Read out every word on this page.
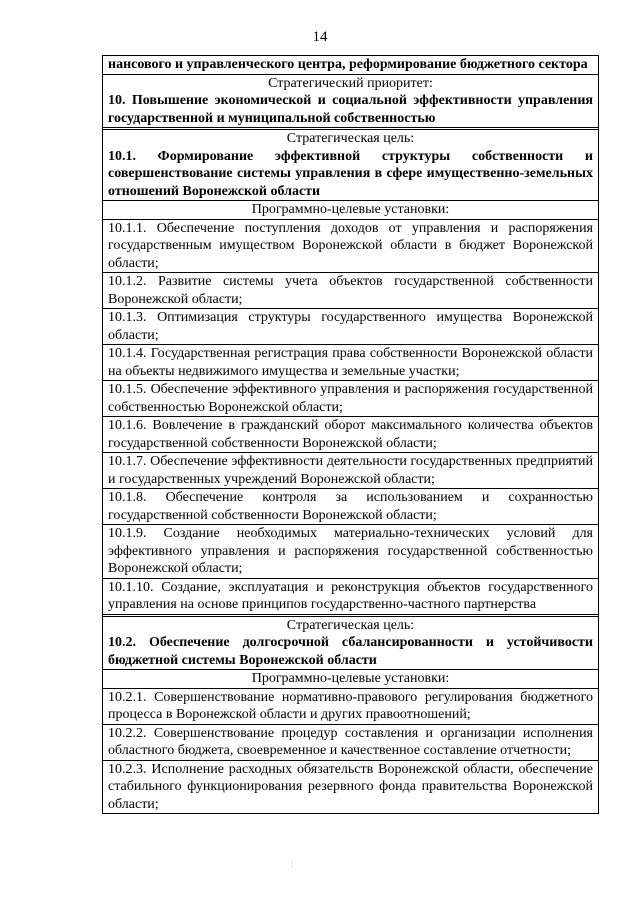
14
нансового и управленческого центра, реформирование бюджетного сектора
Стратегический приоритет:
10. Повышение экономической и социальной эффективности управления государственной и муниципальной собственностью
Стратегическая цель:
10.1. Формирование эффективной структуры собственности и совершенствование системы управления в сфере имущественно-земельных отношений Воронежской области
Программно-целевые установки:
10.1.1. Обеспечение поступления доходов от управления и распоряжения государственным имуществом Воронежской области в бюджет Воронежской области;
10.1.2. Развитие системы учета объектов государственной собственности Воронежской области;
10.1.3. Оптимизация структуры государственного имущества Воронежской области;
10.1.4. Государственная регистрация права собственности Воронежской области на объекты недвижимого имущества и земельные участки;
10.1.5. Обеспечение эффективного управления и распоряжения государственной собственностью Воронежской области;
10.1.6. Вовлечение в гражданский оборот максимального количества объектов государственной собственности Воронежской области;
10.1.7. Обеспечение эффективности деятельности государственных предприятий и государственных учреждений Воронежской области;
10.1.8. Обеспечение контроля за использованием и сохранностью государственной собственности Воронежской области;
10.1.9. Создание необходимых материально-технических условий для эффективного управления и распоряжения государственной собственностью Воронежской области;
10.1.10. Создание, эксплуатация и реконструкция объектов государственного управления на основе принципов государственно-частного партнерства
Стратегическая цель:
10.2. Обеспечение долгосрочной сбалансированности и устойчивости бюджетной системы Воронежской области
Программно-целевые установки:
10.2.1. Совершенствование нормативно-правового регулирования бюджетного процесса в Воронежской области и других правоотношений;
10.2.2. Совершенствование процедур составления и организации исполнения областного бюджета, своевременное и качественное составление отчетности;
10.2.3. Исполнение расходных обязательств Воронежской области, обеспечение стабильного функционирования резервного фонда правительства Воронежской области;
